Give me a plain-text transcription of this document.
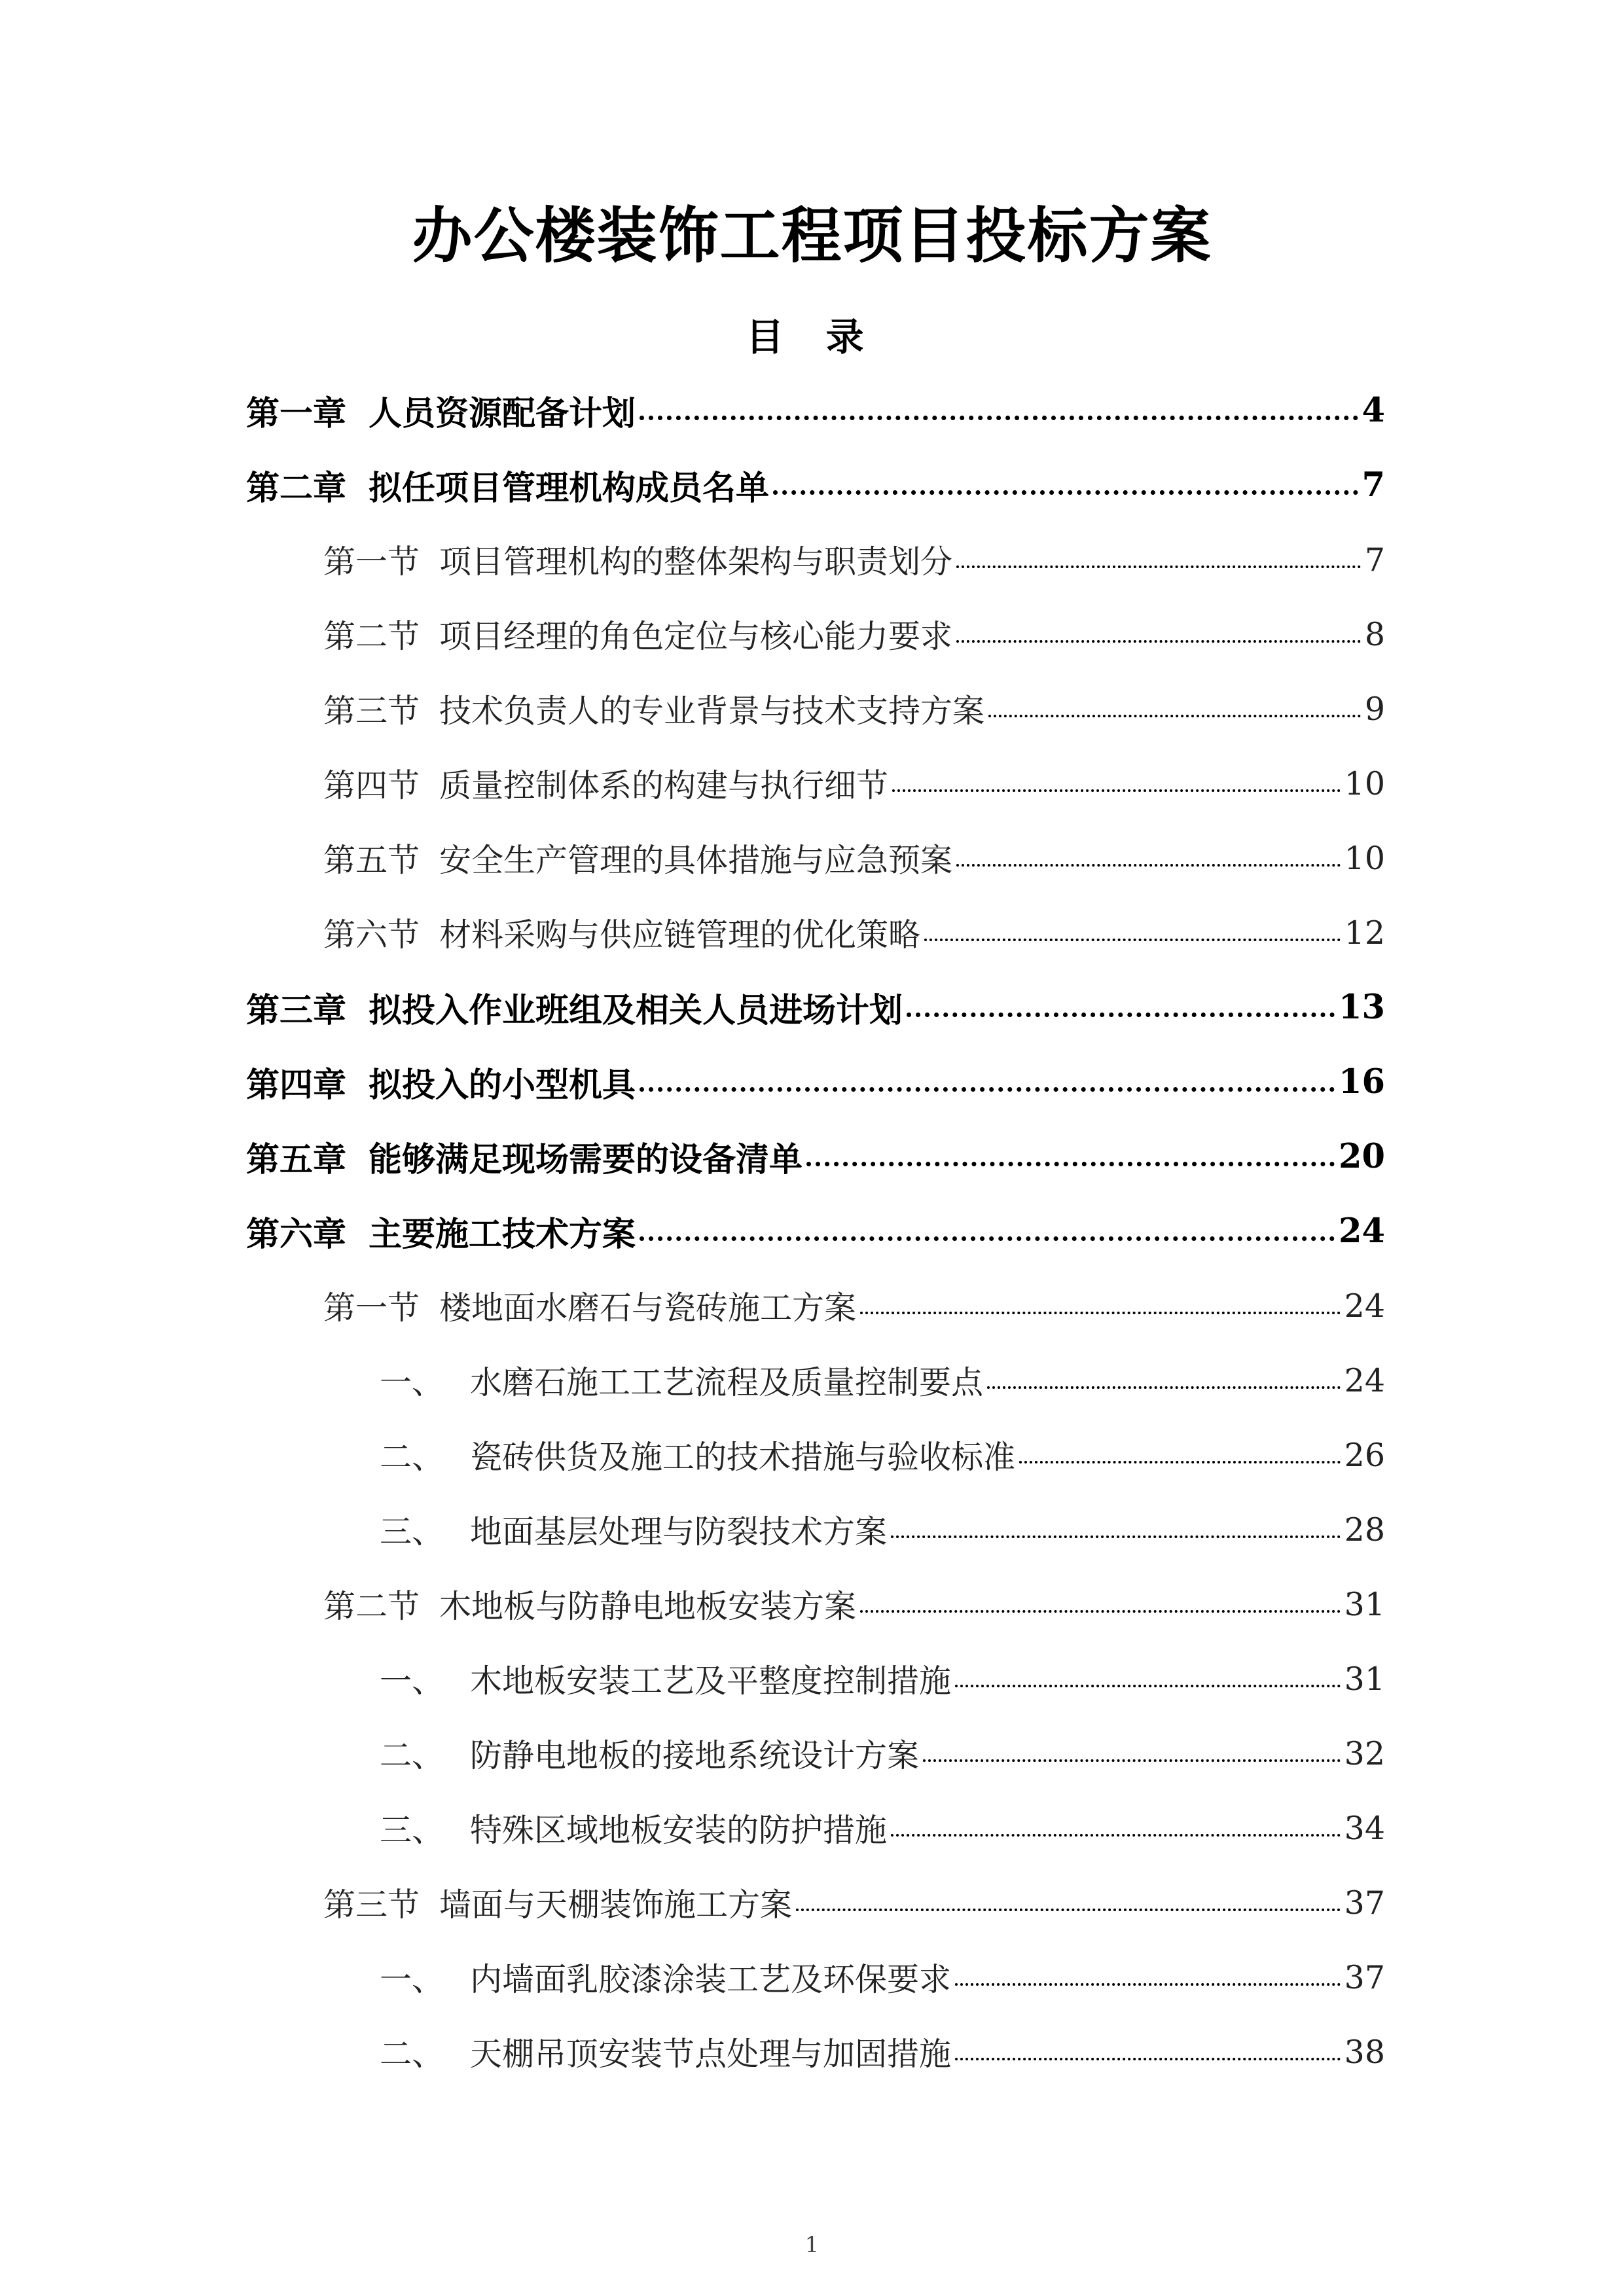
办公楼装饰工程项目投标方案
目 录
第一章 人员资源配备计划	4
第二章 拟任项目管理机构成员名单	7
第一节 项目管理机构的整体架构与职责划分	7
第二节 项目经理的角色定位与核心能力要求	8
第三节 技术负责人的专业背景与技术支持方案	9
第四节 质量控制体系的构建与执行细节	10
第五节 安全生产管理的具体措施与应急预案	10
第六节 材料采购与供应链管理的优化策略	12
第三章 拟投入作业班组及相关人员进场计划	13
第四章 拟投入的小型机具	16
第五章 能够满足现场需要的设备清单	20
第六章 主要施工技术方案	24
第一节 楼地面水磨石与瓷砖施工方案	24
一、 水磨石施工工艺流程及质量控制要点	24
二、 瓷砖供货及施工的技术措施与验收标准	26
三、 地面基层处理与防裂技术方案	28
第二节 木地板与防静电地板安装方案	31
一、 木地板安装工艺及平整度控制措施	31
二、 防静电地板的接地系统设计方案	32
三、 特殊区域地板安装的防护措施	34
第三节 墙面与天棚装饰施工方案	37
一、 内墙面乳胶漆涂装工艺及环保要求	37
二、 天棚吊顶安装节点处理与加固措施	38
1
